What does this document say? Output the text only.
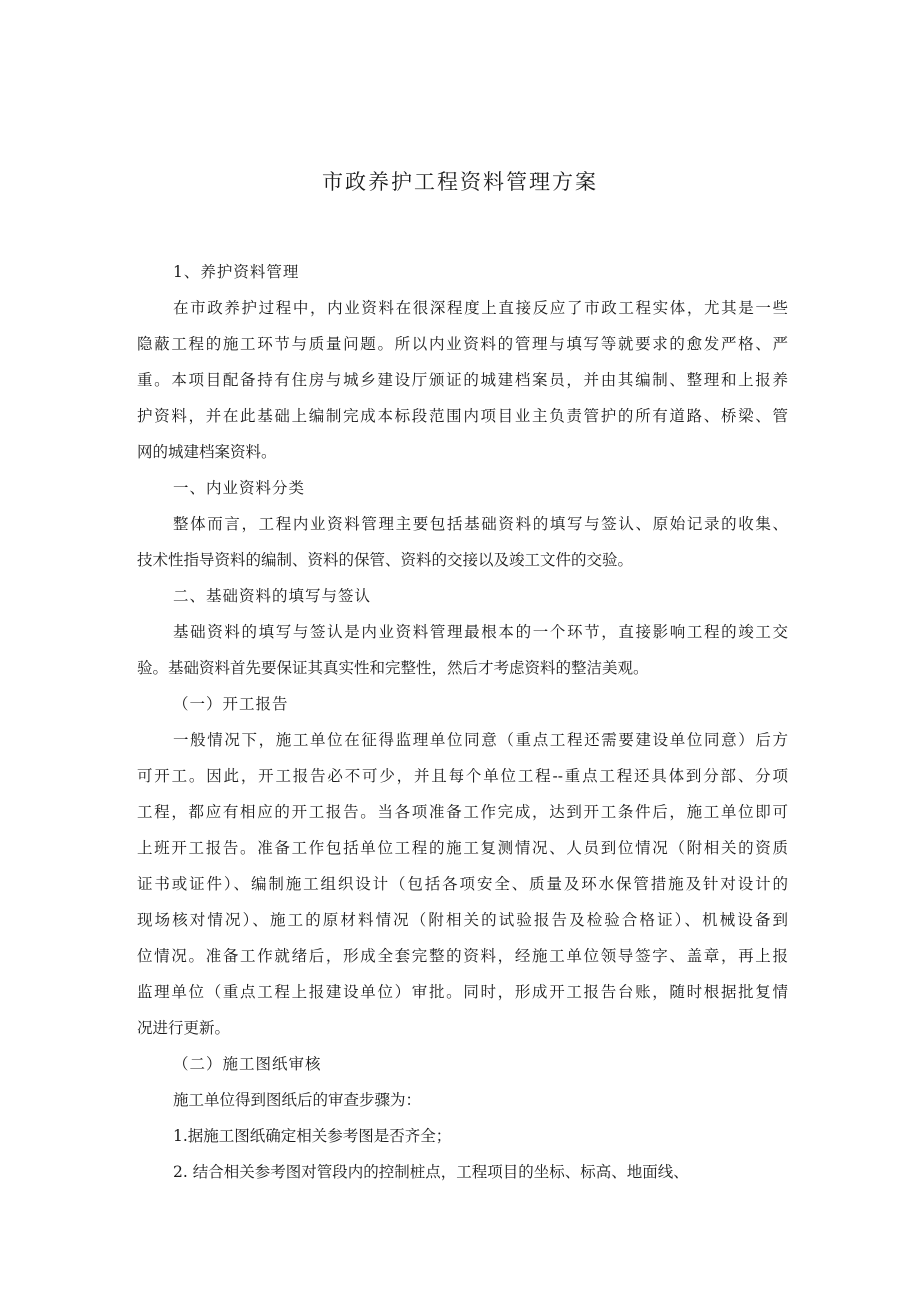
市政养护工程资料管理方案
1、养护资料管理
在市政养护过程中，内业资料在很深程度上直接反应了市政工程实体，尤其是一些
隐蔽工程的施工环节与质量问题。所以内业资料的管理与填写等就要求的愈发严格、严
重。本项目配备持有住房与城乡建设厅颁证的城建档案员，并由其编制、整理和上报养
护资料，并在此基础上编制完成本标段范围内项目业主负责管护的所有道路、桥梁、管
网的城建档案资料。
一、内业资料分类
整体而言，工程内业资料管理主要包括基础资料的填写与签认、原始记录的收集、
技术性指导资料的编制、资料的保管、资料的交接以及竣工文件的交验。
二、基础资料的填写与签认
基础资料的填写与签认是内业资料管理最根本的一个环节，直接影响工程的竣工交
验。基础资料首先要保证其真实性和完整性，然后才考虑资料的整洁美观。
（一）开工报告
一般情况下，施工单位在征得监理单位同意（重点工程还需要建设单位同意）后方
可开工。因此，开工报告必不可少，并且每个单位工程--重点工程还具体到分部、分项
工程，都应有相应的开工报告。当各项准备工作完成，达到开工条件后，施工单位即可
上班开工报告。准备工作包括单位工程的施工复测情况、人员到位情况（附相关的资质
证书或证件）、编制施工组织设计（包括各项安全、质量及环水保管措施及针对设计的
现场核对情况）、施工的原材料情况（附相关的试验报告及检验合格证）、机械设备到
位情况。准备工作就绪后，形成全套完整的资料，经施工单位领导签字、盖章，再上报
监理单位（重点工程上报建设单位）审批。同时，形成开工报告台账，随时根据批复情
况进行更新。
（二）施工图纸审核
施工单位得到图纸后的审查步骤为：
1.据施工图纸确定相关参考图是否齐全；
2. 结合相关参考图对管段内的控制桩点，工程项目的坐标、标高、地面线、
